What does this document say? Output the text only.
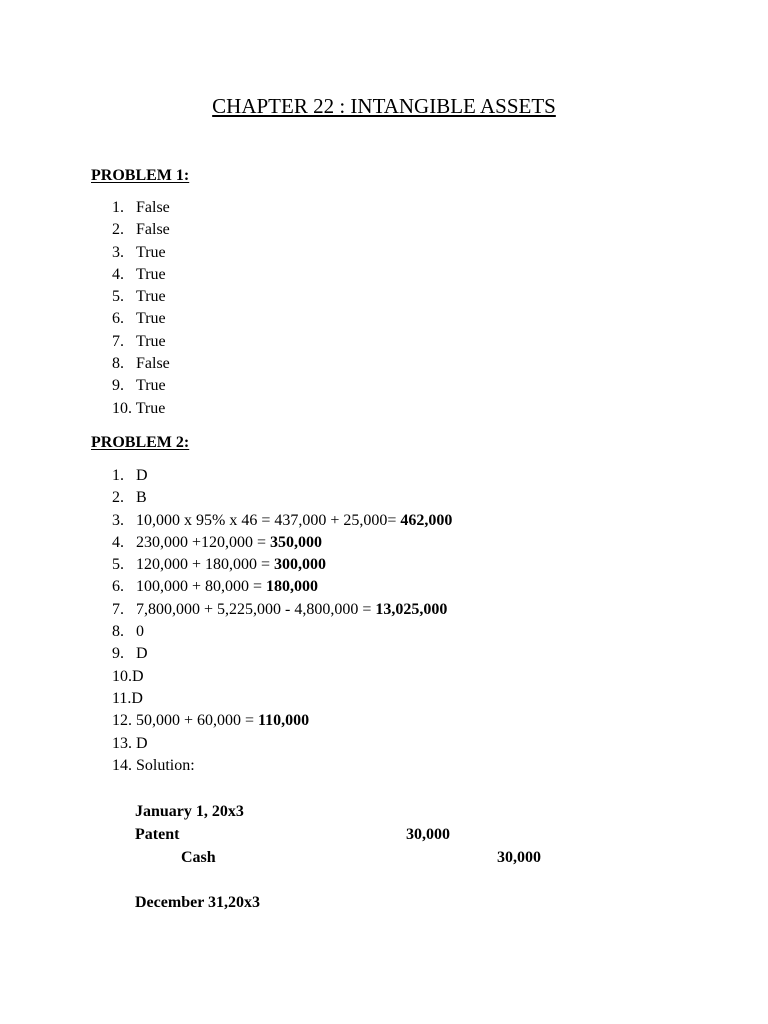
CHAPTER 22 : INTANGIBLE ASSETS
PROBLEM 1:
1. False
2. False
3. True
4. True
5. True
6. True
7. True
8. False
9. True
10. True
PROBLEM 2:
1. D
2. B
3. 10,000 x 95% x 46 = 437,000 + 25,000= 462,000
4. 230,000 +120,000 = 350,000
5. 120,000 + 180,000 = 300,000
6. 100,000 + 80,000 = 180,000
7. 7,800,000 + 5,225,000 - 4,800,000 = 13,025,000
8. 0
9. D
10.D
11.D
12. 50,000 + 60,000 = 110,000
13. D
14. Solution:
January 1, 20x3
Patent	30,000
Cash	30,000
December 31,20x3
